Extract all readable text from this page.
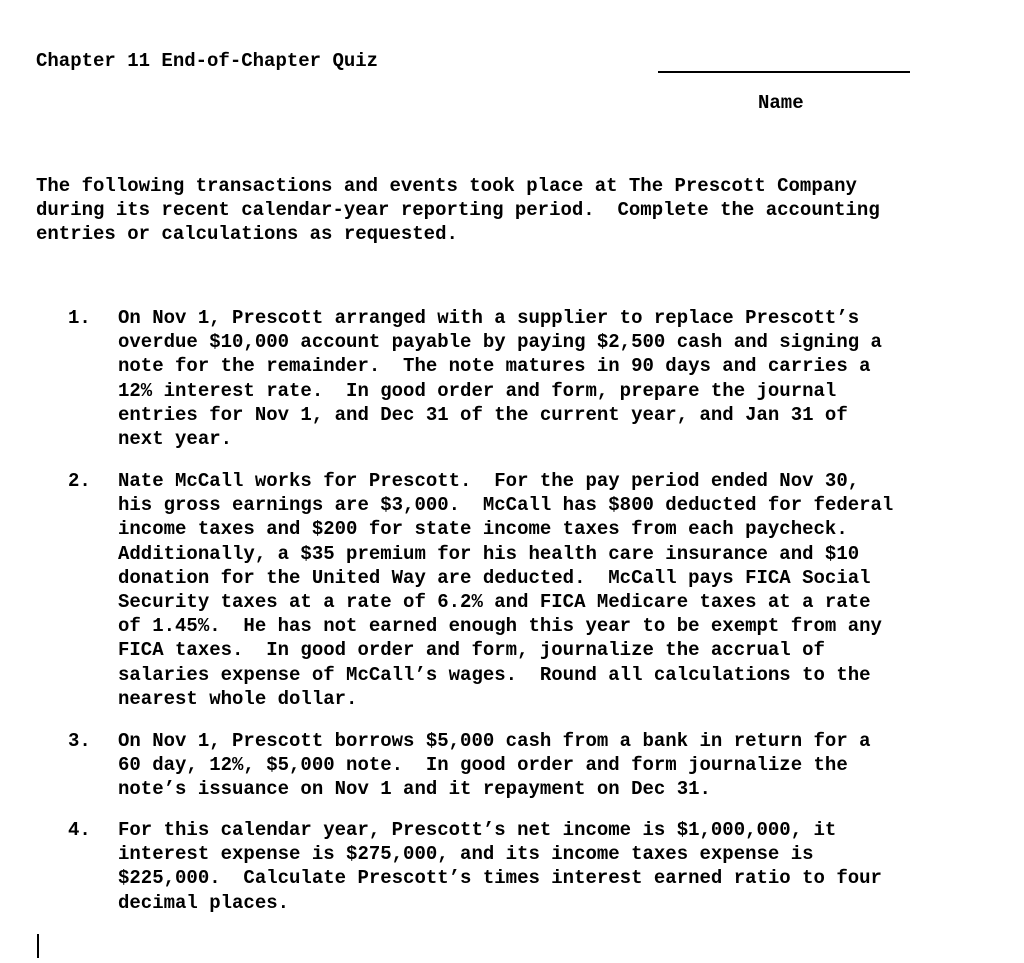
Chapter 11 End-of-Chapter Quiz
Name
The following transactions and events took place at The Prescott Company
during its recent calendar-year reporting period.  Complete the accounting
entries or calculations as requested.
1. On Nov 1, Prescott arranged with a supplier to replace Prescott’s
overdue $10,000 account payable by paying $2,500 cash and signing a
note for the remainder.  The note matures in 90 days and carries a
12% interest rate.  In good order and form, prepare the journal
entries for Nov 1, and Dec 31 of the current year, and Jan 31 of
next year.
2. Nate McCall works for Prescott.  For the pay period ended Nov 30,
his gross earnings are $3,000.  McCall has $800 deducted for federal
income taxes and $200 for state income taxes from each paycheck.
Additionally, a $35 premium for his health care insurance and $10
donation for the United Way are deducted.  McCall pays FICA Social
Security taxes at a rate of 6.2% and FICA Medicare taxes at a rate
of 1.45%.  He has not earned enough this year to be exempt from any
FICA taxes.  In good order and form, journalize the accrual of
salaries expense of McCall’s wages.  Round all calculations to the
nearest whole dollar.
3. On Nov 1, Prescott borrows $5,000 cash from a bank in return for a
60 day, 12%, $5,000 note.  In good order and form journalize the
note’s issuance on Nov 1 and it repayment on Dec 31.
4. For this calendar year, Prescott’s net income is $1,000,000, it
interest expense is $275,000, and its income taxes expense is
$225,000.  Calculate Prescott’s times interest earned ratio to four
decimal places.
